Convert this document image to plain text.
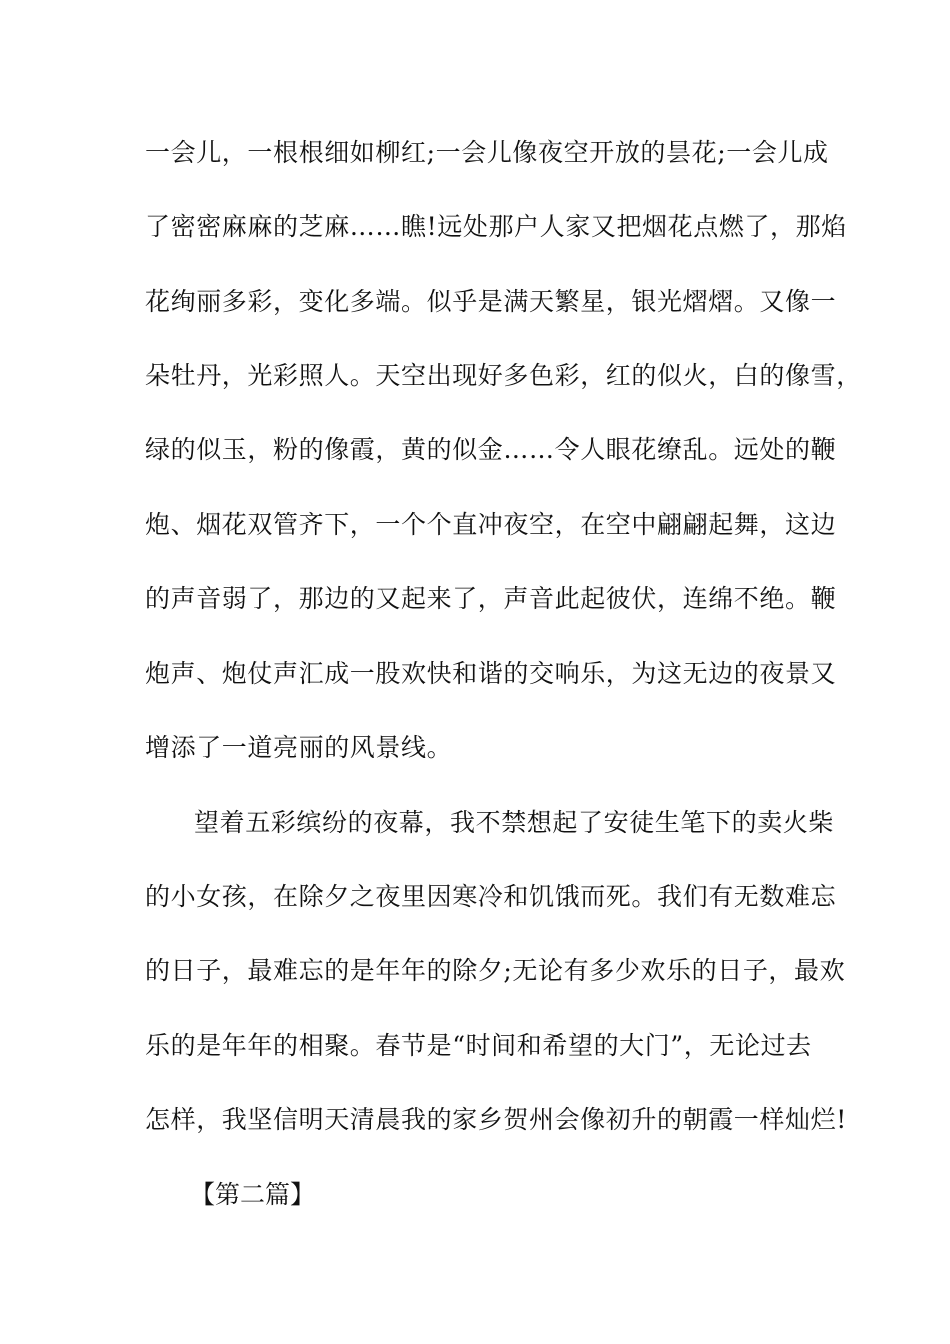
一会儿，一根根细如柳红;一会儿像夜空开放的昙花;一会儿成
了密密麻麻的芝麻……瞧!远处那户人家又把烟花点燃了，那焰
花绚丽多彩，变化多端。似乎是满天繁星，银光熠熠。又像一
朵牡丹，光彩照人。天空出现好多色彩，红的似火，白的像雪，
绿的似玉，粉的像霞，黄的似金……令人眼花缭乱。远处的鞭
炮、烟花双管齐下，一个个直冲夜空，在空中翩翩起舞，这边
的声音弱了，那边的又起来了，声音此起彼伏，连绵不绝。鞭
炮声、炮仗声汇成一股欢快和谐的交响乐，为这无边的夜景又
增添了一道亮丽的风景线。
望着五彩缤纷的夜幕，我不禁想起了安徒生笔下的卖火柴
的小女孩，在除夕之夜里因寒冷和饥饿而死。我们有无数难忘
的日子，最难忘的是年年的除夕;无论有多少欢乐的日子，最欢
乐的是年年的相聚。春节是“时间和希望的大门”，无论过去
怎样，我坚信明天清晨我的家乡贺州会像初升的朝霞一样灿烂!
【第二篇】
